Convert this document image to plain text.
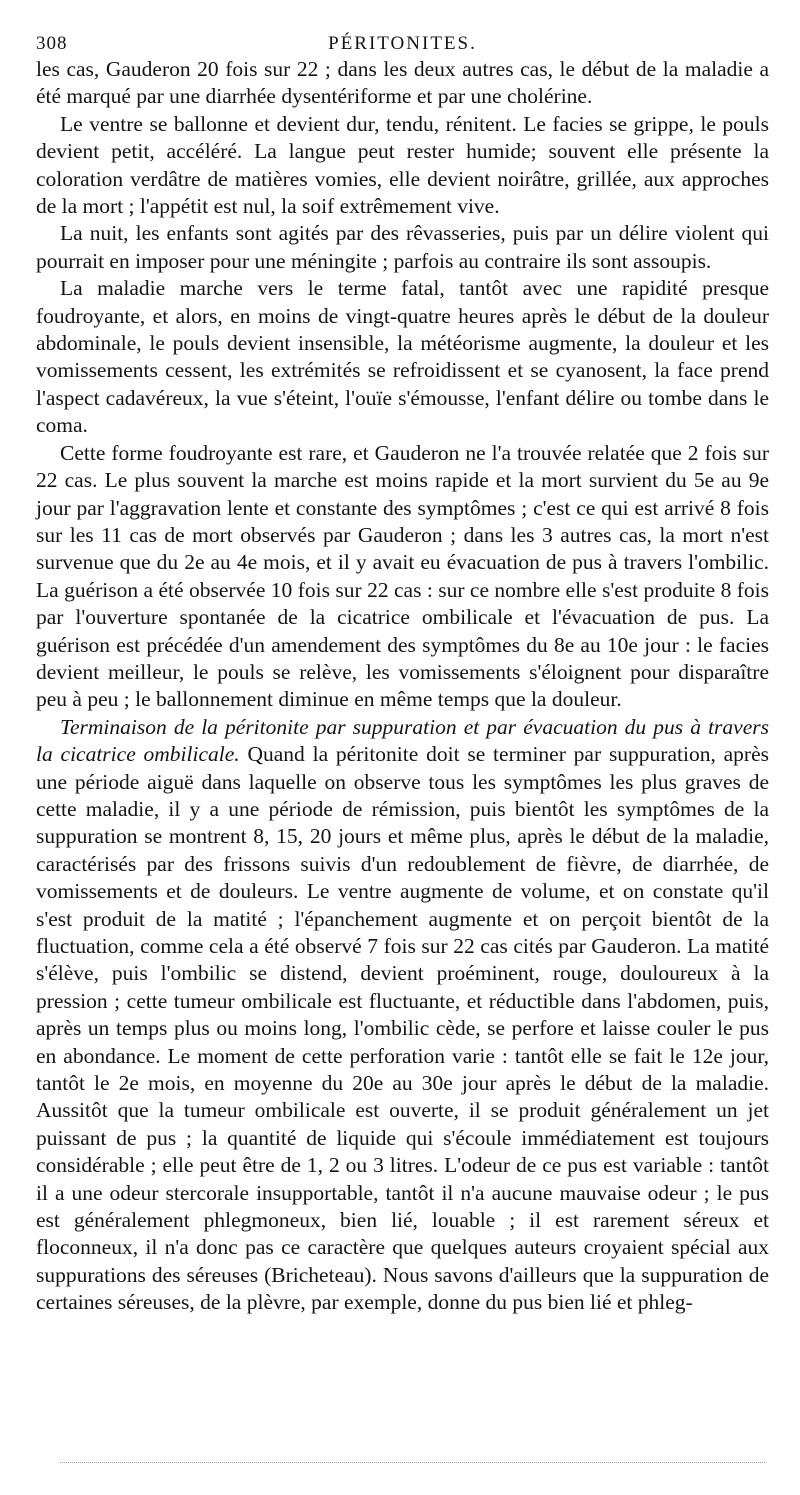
308	PÉRITONITES.

les cas, Gauderon 20 fois sur 22 ; dans les deux autres cas, le début de la maladie a été marqué par une diarrhée dysentériforme et par une cholérine.

Le ventre se ballonne et devient dur, tendu, rénitent. Le facies se grippe, le pouls devient petit, accéléré. La langue peut rester humide; souvent elle présente la coloration verdâtre de matières vomies, elle devient noirâtre, grillée, aux approches de la mort ; l'appétit est nul, la soif extrêmement vive.

La nuit, les enfants sont agités par des rêvasseries, puis par un délire violent qui pourrait en imposer pour une méningite ; parfois au contraire ils sont assoupis.

La maladie marche vers le terme fatal, tantôt avec une rapidité presque foudroyante, et alors, en moins de vingt-quatre heures après le début de la douleur abdominale, le pouls devient insensible, la météorisme augmente, la douleur et les vomissements cessent, les extrémités se refroidissent et se cyanosent, la face prend l'aspect cadavéreux, la vue s'éteint, l'ouïe s'émousse, l'enfant délire ou tombe dans le coma.

Cette forme foudroyante est rare, et Gauderon ne l'a trouvée relatée que 2 fois sur 22 cas. Le plus souvent la marche est moins rapide et la mort survient du 5e au 9e jour par l'aggravation lente et constante des symptômes ; c'est ce qui est arrivé 8 fois sur les 11 cas de mort observés par Gauderon ; dans les 3 autres cas, la mort n'est survenue que du 2e au 4e mois, et il y avait eu évacuation de pus à travers l'ombilic. La guérison a été observée 10 fois sur 22 cas : sur ce nombre elle s'est produite 8 fois par l'ouverture spontanée de la cicatrice ombilicale et l'évacuation de pus. La guérison est précédée d'un amendement des symptômes du 8e au 10e jour : le facies devient meilleur, le pouls se relève, les vomissements s'éloignent pour disparaître peu à peu ; le ballonnement diminue en même temps que la douleur.

Terminaison de la péritonite par suppuration et par évacuation du pus à travers la cicatrice ombilicale. Quand la péritonite doit se terminer par suppuration, après une période aiguë dans laquelle on observe tous les symptômes les plus graves de cette maladie, il y a une période de rémission, puis bientôt les symptômes de la suppuration se montrent 8, 15, 20 jours et même plus, après le début de la maladie, caractérisés par des frissons suivis d'un redoublement de fièvre, de diarrhée, de vomissements et de douleurs. Le ventre augmente de volume, et on constate qu'il s'est produit de la matité ; l'épanchement augmente et on perçoit bientôt de la fluctuation, comme cela a été observé 7 fois sur 22 cas cités par Gauderon. La matité s'élève, puis l'ombilic se distend, devient proéminent, rouge, douloureux à la pression ; cette tumeur ombilicale est fluctuante, et réductible dans l'abdomen, puis, après un temps plus ou moins long, l'ombilic cède, se perfore et laisse couler le pus en abondance. Le moment de cette perforation varie : tantôt elle se fait le 12e jour, tantôt le 2e mois, en moyenne du 20e au 30e jour après le début de la maladie. Aussitôt que la tumeur ombilicale est ouverte, il se produit généralement un jet puissant de pus ; la quantité de liquide qui s'écoule immédiatement est toujours considérable ; elle peut être de 1, 2 ou 3 litres. L'odeur de ce pus est variable : tantôt il a une odeur stercorale insupportable, tantôt il n'a aucune mauvaise odeur ; le pus est généralement phlegmoneux, bien lié, louable ; il est rarement séreux et floconneux, il n'a donc pas ce caractère que quelques auteurs croyaient spécial aux suppurations des séreuses (Bricheteau). Nous savons d'ailleurs que la suppuration de certaines séreuses, de la plèvre, par exemple, donne du pus bien lié et phleg-
